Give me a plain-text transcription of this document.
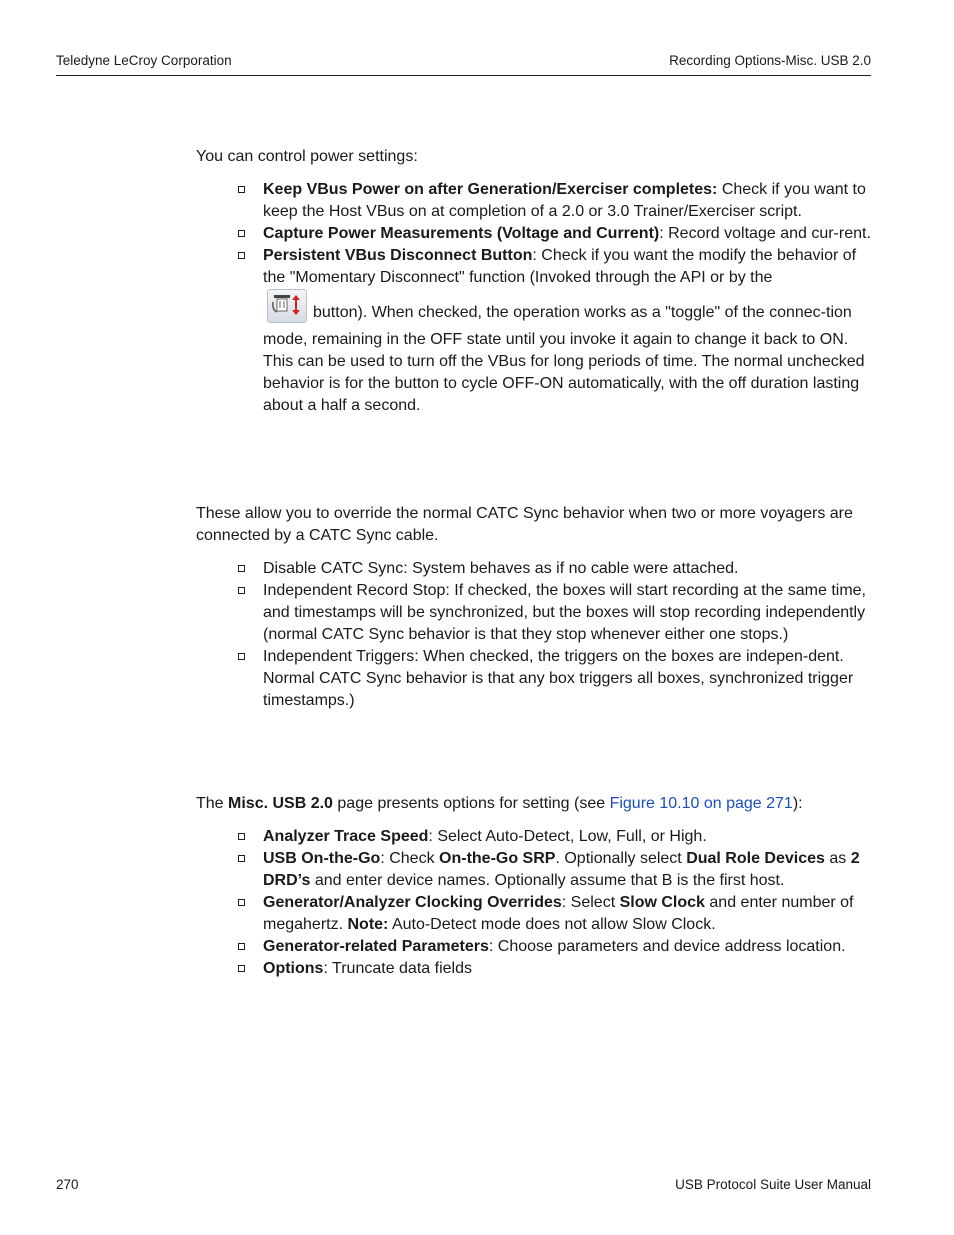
Teledyne LeCroy Corporation	Recording Options-Misc. USB 2.0

You can control power settings:

Keep VBus Power on after Generation/Exerciser completes: Check if you want to keep the Host VBus on at completion of a 2.0 or 3.0 Trainer/Exerciser script.
Capture Power Measurements (Voltage and Current): Record voltage and cur-rent.
Persistent VBus Disconnect Button: Check if you want the modify the behavior of the "Momentary Disconnect" function (Invoked through the API or by the

button). When checked, the operation works as a "toggle" of the connec-tion mode, remaining in the OFF state until you invoke it again to change it back to ON. This can be used to turn off the VBus for long periods of time. The normal unchecked behavior is for the button to cycle OFF-ON automatically, with the off duration lasting about a half a second.

These allow you to override the normal CATC Sync behavior when two or more voyagers are connected by a CATC Sync cable.

Disable CATC Sync: System behaves as if no cable were attached.
Independent Record Stop: If checked, the boxes will start recording at the same time, and timestamps will be synchronized, but the boxes will stop recording independently (normal CATC Sync behavior is that they stop whenever either one stops.)
Independent Triggers: When checked, the triggers on the boxes are indepen-dent. Normal CATC Sync behavior is that any box triggers all boxes, synchronized trigger timestamps.)

The Misc. USB 2.0 page presents options for setting (see Figure 10.10 on page 271):

Analyzer Trace Speed: Select Auto-Detect, Low, Full, or High.
USB On-the-Go: Check On-the-Go SRP. Optionally select Dual Role Devices as 2 DRD’s and enter device names. Optionally assume that B is the first host.
Generator/Analyzer Clocking Overrides: Select Slow Clock and enter number of megahertz. Note: Auto-Detect mode does not allow Slow Clock.
Generator-related Parameters: Choose parameters and device address location.
Options: Truncate data fields
270	USB Protocol Suite User Manual
